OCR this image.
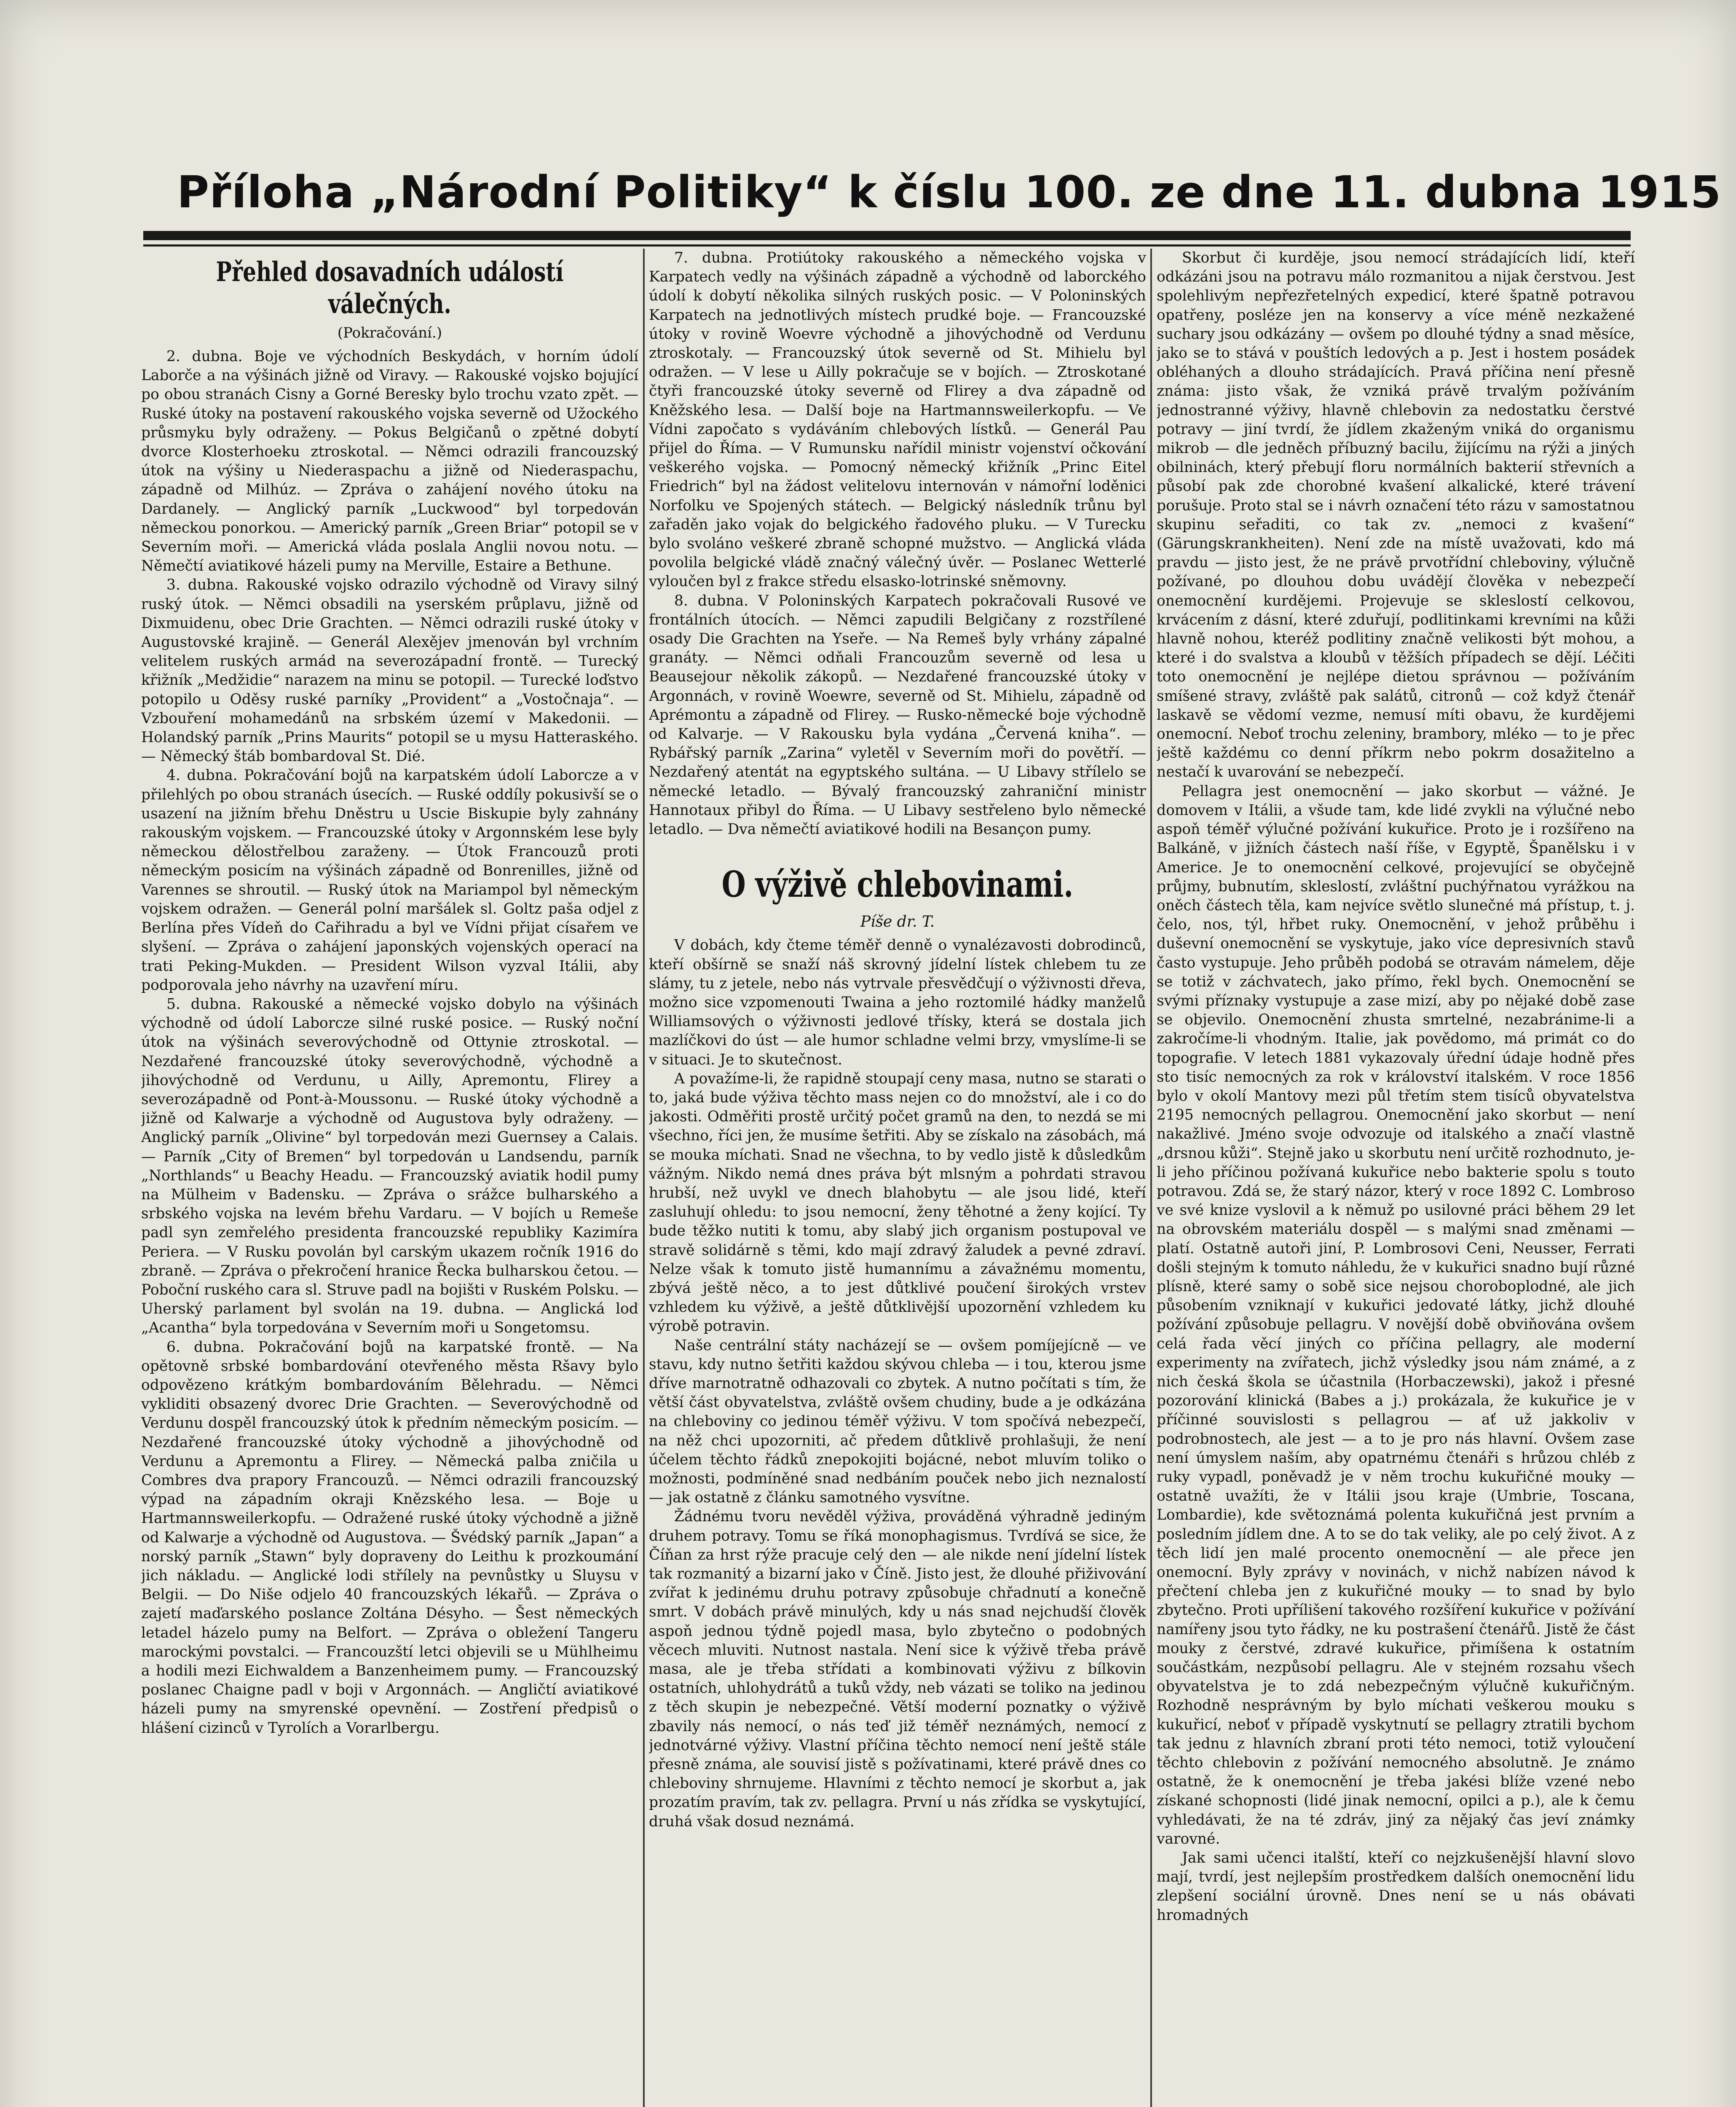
Příloha „Národní Politiky“ k číslu 100. ze dne 11. dubna 1915
Přehled dosavadních událostí válečných.
(Pokračování.)

2. dubna. Boje ve východních Beskydách, v horním údolí Laborče a na výšinách jižně od Viravy. — Rakouské vojsko bojující po obou stranách Cisny a Gorné Beresky bylo trochu vzato zpět. — Ruské útoky na postavení rakouského vojska severně od Užockého průsmyku byly odraženy. — Pokus Belgičanů o zpětné dobytí dvorce Klosterhoeku ztroskotal. — Němci odrazili francouzský útok na výšiny u Niederaspachu a jižně od Niederaspachu, západně od Milhúz. — Zpráva o zahájení nového útoku na Dardanely. — Anglický parník „Luckwood“ byl torpedován německou ponorkou. — Americký parník „Green Briar“ potopil se v Severním moři. — Americká vláda poslala Anglii novou notu. — Němečtí aviatikové házeli pumy na Merville, Estaire a Bethune.

3. dubna. Rakouské vojsko odrazilo východně od Viravy silný ruský útok. — Němci obsadili na yserském průplavu, jižně od Dixmuidenu, obec Drie Grachten. — Němci odrazili ruské útoky v Augustovské krajině. — Generál Alexějev jmenován byl vrchním velitelem ruských armád na severozápadní frontě. — Turecký křižník „Medžidie“ narazem na minu se potopil. — Turecké loďstvo potopilo u Oděsy ruské parníky „Provident“ a „Vostočnaja“. — Vzbouření mohamedánů na srbském území v Makedonii. — Holandský parník „Prins Maurits“ potopil se u mysu Hatteraského. — Německý štáb bombardoval St. Dié.

4. dubna. Pokračování bojů na karpatském údolí Laborcze a v přilehlých po obou stranách úsecích. — Ruské oddíly pokusivší se o usazení na jižním břehu Dněstru u Uscie Biskupie byly zahnány rakouským vojskem. — Francouzské útoky v Argonnském lese byly německou dělostřelbou zaraženy. — Útok Francouzů proti německým posicím na výšinách západně od Bonrenilles, jižně od Varennes se shroutil. — Ruský útok na Mariampol byl německým vojskem odražen. — Generál polní maršálek sl. Goltz paša odjel z Berlína přes Vídeň do Cařihradu a byl ve Vídni přijat císařem ve slyšení. — Zpráva o zahájení japonských vojenských operací na trati Peking-Mukden. — President Wilson vyzval Itálii, aby podporovala jeho návrhy na uzavření míru.

5. dubna. Rakouské a německé vojsko dobylo na výšinách východně od údolí Laborcze silné ruské posice. — Ruský noční útok na výšinách severovýchodně od Ottynie ztroskotal. — Nezdařené francouzské útoky severovýchodně, východně a jihovýchodně od Verdunu, u Ailly, Apremontu, Flirey a severozápadně od Pont-à-Moussonu. — Ruské útoky východně a jižně od Kalwarje a východně od Augustova byly odraženy. — Anglický parník „Olivine“ byl torpedován mezi Guernsey a Calais. — Parník „City of Bremen“ byl torpedován u Landsendu, parník „Northlands“ u Beachy Headu. — Francouzský aviatik hodil pumy na Mülheim v Badensku. — Zpráva o srážce bulharského a srbského vojska na levém břehu Vardaru. — V bojích u Remeše padl syn zemřelého presidenta francouzské republiky Kazimíra Periera. — V Rusku povolán byl carským ukazem ročník 1916 do zbraně. — Zpráva o překročení hranice Řecka bulharskou četou. — Poboční ruského cara sl. Struve padl na bojišti v Ruském Polsku. — Uherský parlament byl svolán na 19. dubna. — Anglická loď „Acantha“ byla torpedována v Severním moři u Songetomsu.

6. dubna. Pokračování bojů na karpatské frontě. — Na opětovně srbské bombardování otevřeného města Ršavy bylo odpovězeno krátkým bombardováním Bělehradu. — Němci vykliditi obsazený dvorec Drie Grachten. — Severovýchodně od Verdunu dospěl francouzský útok k předním německým posicím. — Nezdařené francouzské útoky východně a jihovýchodně od Verdunu a Apremontu a Flirey. — Německá palba zničila u Combres dva prapory Francouzů. — Němci odrazili francouzský výpad na západním okraji Knězského lesa. — Boje u Hartmannsweilerkopfu. — Odražené ruské útoky východně a jižně od Kalwarje a východně od Augustova. — Švédský parník „Japan“ a norský parník „Stawn“ byly dopraveny do Leithu k prozkoumání jich nákladu. — Anglické lodi střílely na pevnůstky u Sluysu v Belgii. — Do Niše odjelo 40 francouzských lékařů. — Zpráva o zajetí maďarského poslance Zoltána Désyho. — Šest německých letadel házelo pumy na Belfort. — Zpráva o obležení Tangeru marockými povstalci. — Francouzští letci objevili se u Mühlheimu a hodili mezi Eichwaldem a Banzenheimem pumy. — Francouzský poslanec Chaigne padl v boji v Argonnách. — Angličtí aviatikové házeli pumy na smyrenské opevnění. — Zostření předpisů o hlášení cizinců v Tyrolích a Vorarlbergu.

7. dubna. Protiútoky rakouského a německého vojska v Karpatech vedly na výšinách západně a východně od laborckého údolí k dobytí několika silných ruských posic. — V Poloninských Karpatech na jednotlivých místech prudké boje. — Francouzské útoky v rovině Woevre východně a jihovýchodně od Verdunu ztroskotaly. — Francouzský útok severně od St. Mihielu byl odražen. — V lese u Ailly pokračuje se v bojích. — Ztroskotané čtyři francouzské útoky severně od Flirey a dva západně od Kněžského lesa. — Další boje na Hartmannsweilerkopfu. — Ve Vídni započato s vydáváním chlebových lístků. — Generál Pau přijel do Říma. — V Rumunsku nařídil ministr vojenství očkování veškerého vojska. — Pomocný německý křižník „Princ Eitel Friedrich“ byl na žádost velitelovu internován v námořní loděnici Norfolku ve Spojených státech. — Belgický následník trůnu byl zařaděn jako vojak do belgického řadového pluku. — V Turecku bylo svoláno veškeré zbraně schopné mužstvo. — Anglická vláda povolila belgické vládě značný válečný úvěr. — Poslanec Wetterlé vyloučen byl z frakce středu elsasko-lotrinské sněmovny.

8. dubna. V Poloninských Karpatech pokračovali Rusové ve frontálních útocích. — Němci zapudili Belgičany z rozstřílené osady Die Grachten na Yseře. — Na Remeš byly vrhány zápalné granáty. — Němci odňali Francouzům severně od lesa u Beausejour několik zákopů. — Nezdařené francouzské útoky v Argonnách, v rovině Woewre, severně od St. Mihielu, západně od Aprémontu a západně od Flirey. — Rusko-německé boje východně od Kalvarje. — V Rakousku byla vydána „Červená kniha“. — Rybářský parník „Zarina“ vyletěl v Severním moři do povětří. — Nezdařený atentát na egyptského sultána. — U Libavy střílelo se německé letadlo. — Bývalý francouzský zahraniční ministr Hannotaux přibyl do Říma. — U Libavy sestřeleno bylo německé letadlo. — Dva němečtí aviatikové hodili na Besançon pumy.

O výživě chlebovinami.
Píše dr. T.

V dobách, kdy čteme téměř denně o vynalézavosti dobrodinců, kteří obšírně se snaží náš skrovný jídelní lístek chlebem tu ze slámy, tu z jetele, nebo nás vytrvale přesvědčují o výživnosti dřeva, možno sice vzpomenouti Twaina a jeho roztomilé hádky manželů Williamsových o výživnosti jedlové třísky, která se dostala jich mazlíčkovi do úst — ale humor schladne velmi brzy, vmyslíme-li se v situaci. Je to skutečnost.

A považíme-li, že rapidně stoupají ceny masa, nutno se starati o to, jaká bude výživa těchto mass nejen co do množství, ale i co do jakosti. Odměřiti prostě určitý počet gramů na den, to nezdá se mi všechno, říci jen, že musíme šetřiti. Aby se získalo na zásobách, má se mouka míchati. Snad ne všechna, to by vedlo jistě k důsledkům vážným. Nikdo nemá dnes práva být mlsným a pohrdati stravou hrubší, než uvykl ve dnech blahobytu — ale jsou lidé, kteří zasluhují ohledu: to jsou nemocní, ženy těhotné a ženy kojící. Ty bude těžko nutiti k tomu, aby slabý jich organism postupoval ve stravě solidárně s těmi, kdo mají zdravý žaludek a pevné zdraví. Nelze však k tomuto jistě humannímu a závažnému momentu, zbývá ještě něco, a to jest důtklivé poučení širokých vrstev vzhledem ku výživě, a ještě důtklivější upozornění vzhledem ku výrobě potravin.

Naše centrální státy nacházejí se — ovšem pomíjejícně — ve stavu, kdy nutno šetřiti každou skývou chleba — i tou, kterou jsme dříve marnotratně odhazovali co zbytek. A nutno počítati s tím, že větší část obyvatelstva, zvláště ovšem chudiny, bude a je odkázána na chleboviny co jedinou téměř výživu. V tom spočívá nebezpečí, na něž chci upozorniti, ač předem důtklivě prohlašuji, že není účelem těchto řádků znepokojiti bojácné, nebot mluvím toliko o možnosti, podmíněné snad nedbáním pouček nebo jich neznalostí — jak ostatně z článku samotného vysvítne.

Žádnému tvoru nevěděl výživa, prováděná výhradně jediným druhem potravy. Tomu se říká monophagismus. Tvrdívá se sice, že Číňan za hrst rýže pracuje celý den — ale nikde není jídelní lístek tak rozmanitý a bizarní jako v Číně. Jisto jest, že dlouhé přiživování zvířat k jedinému druhu potravy způsobuje chřadnutí a konečně smrt. V dobách právě minulých, kdy u nás snad nejchudší člověk aspoň jednou týdně pojedl masa, bylo zbytečno o podobných věcech mluviti. Nutnost nastala. Není sice k výživě třeba právě masa, ale je třeba střídati a kombinovati výživu z bílkovin ostatních, uhlohydrátů a tuků vždy, neb vázati se toliko na jedinou z těch skupin je nebezpečné. Větší moderní poznatky o výživě zbavily nás nemocí, o nás teď již téměř neznámých, nemocí z jednotvárné výživy. Vlastní příčina těchto nemocí není ještě stále přesně známa, ale souvisí jistě s požívatinami, které právě dnes co chleboviny shrnujeme. Hlavními z těchto nemocí je skorbut a, jak prozatím pravím, tak zv. pellagra. První u nás zřídka se vyskytující, druhá však dosud neznámá.

Skorbut či kurděje, jsou nemocí strádajících lidí, kteří odkázáni jsou na potravu málo rozmanitou a nijak čerstvou. Jest spolehlivým nepřezřetelných expedicí, které špatně potravou opatřeny, posléze jen na konservy a více méně nezkažené suchary jsou odkázány — ovšem po dlouhé týdny a snad měsíce, jako se to stává v pouštích ledových a p. Jest i hostem posádek obléhaných a dlouho strádajících. Pravá příčina není přesně známa: jisto však, že vzniká právě trvalým požíváním jednostranné výživy, hlavně chlebovin za nedostatku čerstvé potravy — jiní tvrdí, že jídlem zkaženým vniká do organismu mikrob — dle jedněch příbuzný bacilu, žijícímu na rýži a jiných obilninách, který přebují floru normálních bakterií střevních a působí pak zde chorobné kvašení alkalické, které trávení porušuje. Proto stal se i návrh označení této rázu v samostatnou skupinu seřaditi, co tak zv. „nemoci z kvašení“ (Gärungskrankheiten). Není zde na místě uvažovati, kdo má pravdu — jisto jest, že ne právě prvotřídní chleboviny, výlučně požívané, po dlouhou dobu uvádějí člověka v nebezpečí onemocnění kurdějemi. Projevuje se skleslostí celkovou, krvácením z dásní, které zduřují, podlitinkami krevními na kůži hlavně nohou, kteréž podlitiny značně velikosti být mohou, a které i do svalstva a kloubů v těžších případech se dějí. Léčiti toto onemocnění je nejlépe dietou správnou — požíváním smíšené stravy, zvláště pak salátů, citronů — což když čtenář laskavě se vědomí vezme, nemusí míti obavu, že kurdějemi onemocní. Neboť trochu zeleniny, brambory, mléko — to je přec ještě každému co denní příkrm nebo pokrm dosažitelno a nestačí k uvarování se nebezpečí.

Pellagra jest onemocnění — jako skorbut — vážné. Je domovem v Itálii, a všude tam, kde lidé zvykli na výlučné nebo aspoň téměř výlučné požívání kukuřice. Proto je i rozšířeno na Balkáně, v jižních částech naší říše, v Egyptě, Španělsku i v Americe. Je to onemocnění celkové, projevující se obyčejně průjmy, bubnutím, skleslostí, zvláštní puchýřnatou vyrážkou na oněch částech těla, kam nejvíce světlo slunečné má přístup, t. j. čelo, nos, týl, hřbet ruky. Onemocnění, v jehož průběhu i duševní onemocnění se vyskytuje, jako více depresivních stavů často vystupuje. Jeho průběh podobá se otravám námelem, děje se totiž v záchvatech, jako přímo, řekl bych. Onemocnění se svými příznaky vystupuje a zase mizí, aby po nějaké době zase se objevilo. Onemocnění zhusta smrtelné, nezabránime-li a zakročíme-li vhodným. Italie, jak povědomo, má primát co do topografie. V letech 1881 vykazovaly úřední údaje hodně přes sto tisíc nemocných za rok v království italském. V roce 1856 bylo v okolí Mantovy mezi půl třetím stem tisíců obyvatelstva 2195 nemocných pellagrou. Onemocnění jako skorbut — není nakažlivé. Jméno svoje odvozuje od italského a značí vlastně „drsnou kůži“. Stejně jako u skorbutu není určitě rozhodnuto, je-li jeho příčinou požívaná kukuřice nebo bakterie spolu s touto potravou. Zdá se, že starý názor, který v roce 1892 C. Lombroso ve své knize vyslovil a k němuž po usilovné práci během 29 let na obrovském materiálu dospěl — s malými snad změnami — platí. Ostatně autoři jiní, P. Lombrosovi Ceni, Neusser, Ferrati došli stejným k tomuto náhledu, že v kukuřici snadno bují různé plísně, které samy o sobě sice nejsou choroboplodné, ale jich působením vzniknají v kukuřici jedovaté látky, jichž dlouhé požívání způsobuje pellagru. V novější době obviňována ovšem celá řada věcí jiných co příčina pellagry, ale moderní experimenty na zvířatech, jichž výsledky jsou nám známé, a z nich česká škola se účastnila (Horbaczewski), jakož i přesné pozorování klinická (Babes a j.) prokázala, že kukuřice je v příčinné souvislosti s pellagrou — ať už jakkoliv v podrobnostech, ale jest — a to je pro nás hlavní. Ovšem zase není úmyslem naším, aby opatrnému čtenáři s hrůzou chléb z ruky vypadl, poněvadž je v něm trochu kukuřičné mouky — ostatně uvažíti, že v Itálii jsou kraje (Umbrie, Toscana, Lombardie), kde světoznámá polenta kukuřičná jest prvním a posledním jídlem dne. A to se do tak veliky, ale po celý život. A z těch lidí jen malé procento onemocnění — ale přece jen onemocní. Byly zprávy v novinách, v nichž nabízen návod k přečtení chleba jen z kukuřičné mouky — to snad by bylo zbytečno. Proti upřílišení takového rozšíření kukuřice v požívání namířeny jsou tyto řádky, ne ku postrašení čtenářů. Jistě že část mouky z čerstvé, zdravé kukuřice, přimíšena k ostatním součástkám, nezpůsobí pellagru. Ale v stejném rozsahu všech obyvatelstva je to zdá nebezpečným výlučně kukuřičným. Rozhodně nesprávným by bylo míchati veškerou mouku s kukuřicí, neboť v případě vyskytnutí se pellagry ztratili bychom tak jednu z hlavních zbraní proti této nemoci, totiž vyloučení těchto chlebovin z požívání nemocného absolutně. Je známo ostatně, že k onemocnění je třeba jakési blíže vzené nebo získané schopnosti (lidé jinak nemocní, opilci a p.), ale k čemu vyhledávati, že na té zdráv, jiný za nějaký čas jeví známky varovné.

Jak sami učenci italští, kteří co nejzkušenější hlavní slovo mají, tvrdí, jest nejlepším prostředkem dalších onemocnění lidu zlepšení sociální úrovně. Dnes není se u nás obávati hromadných
